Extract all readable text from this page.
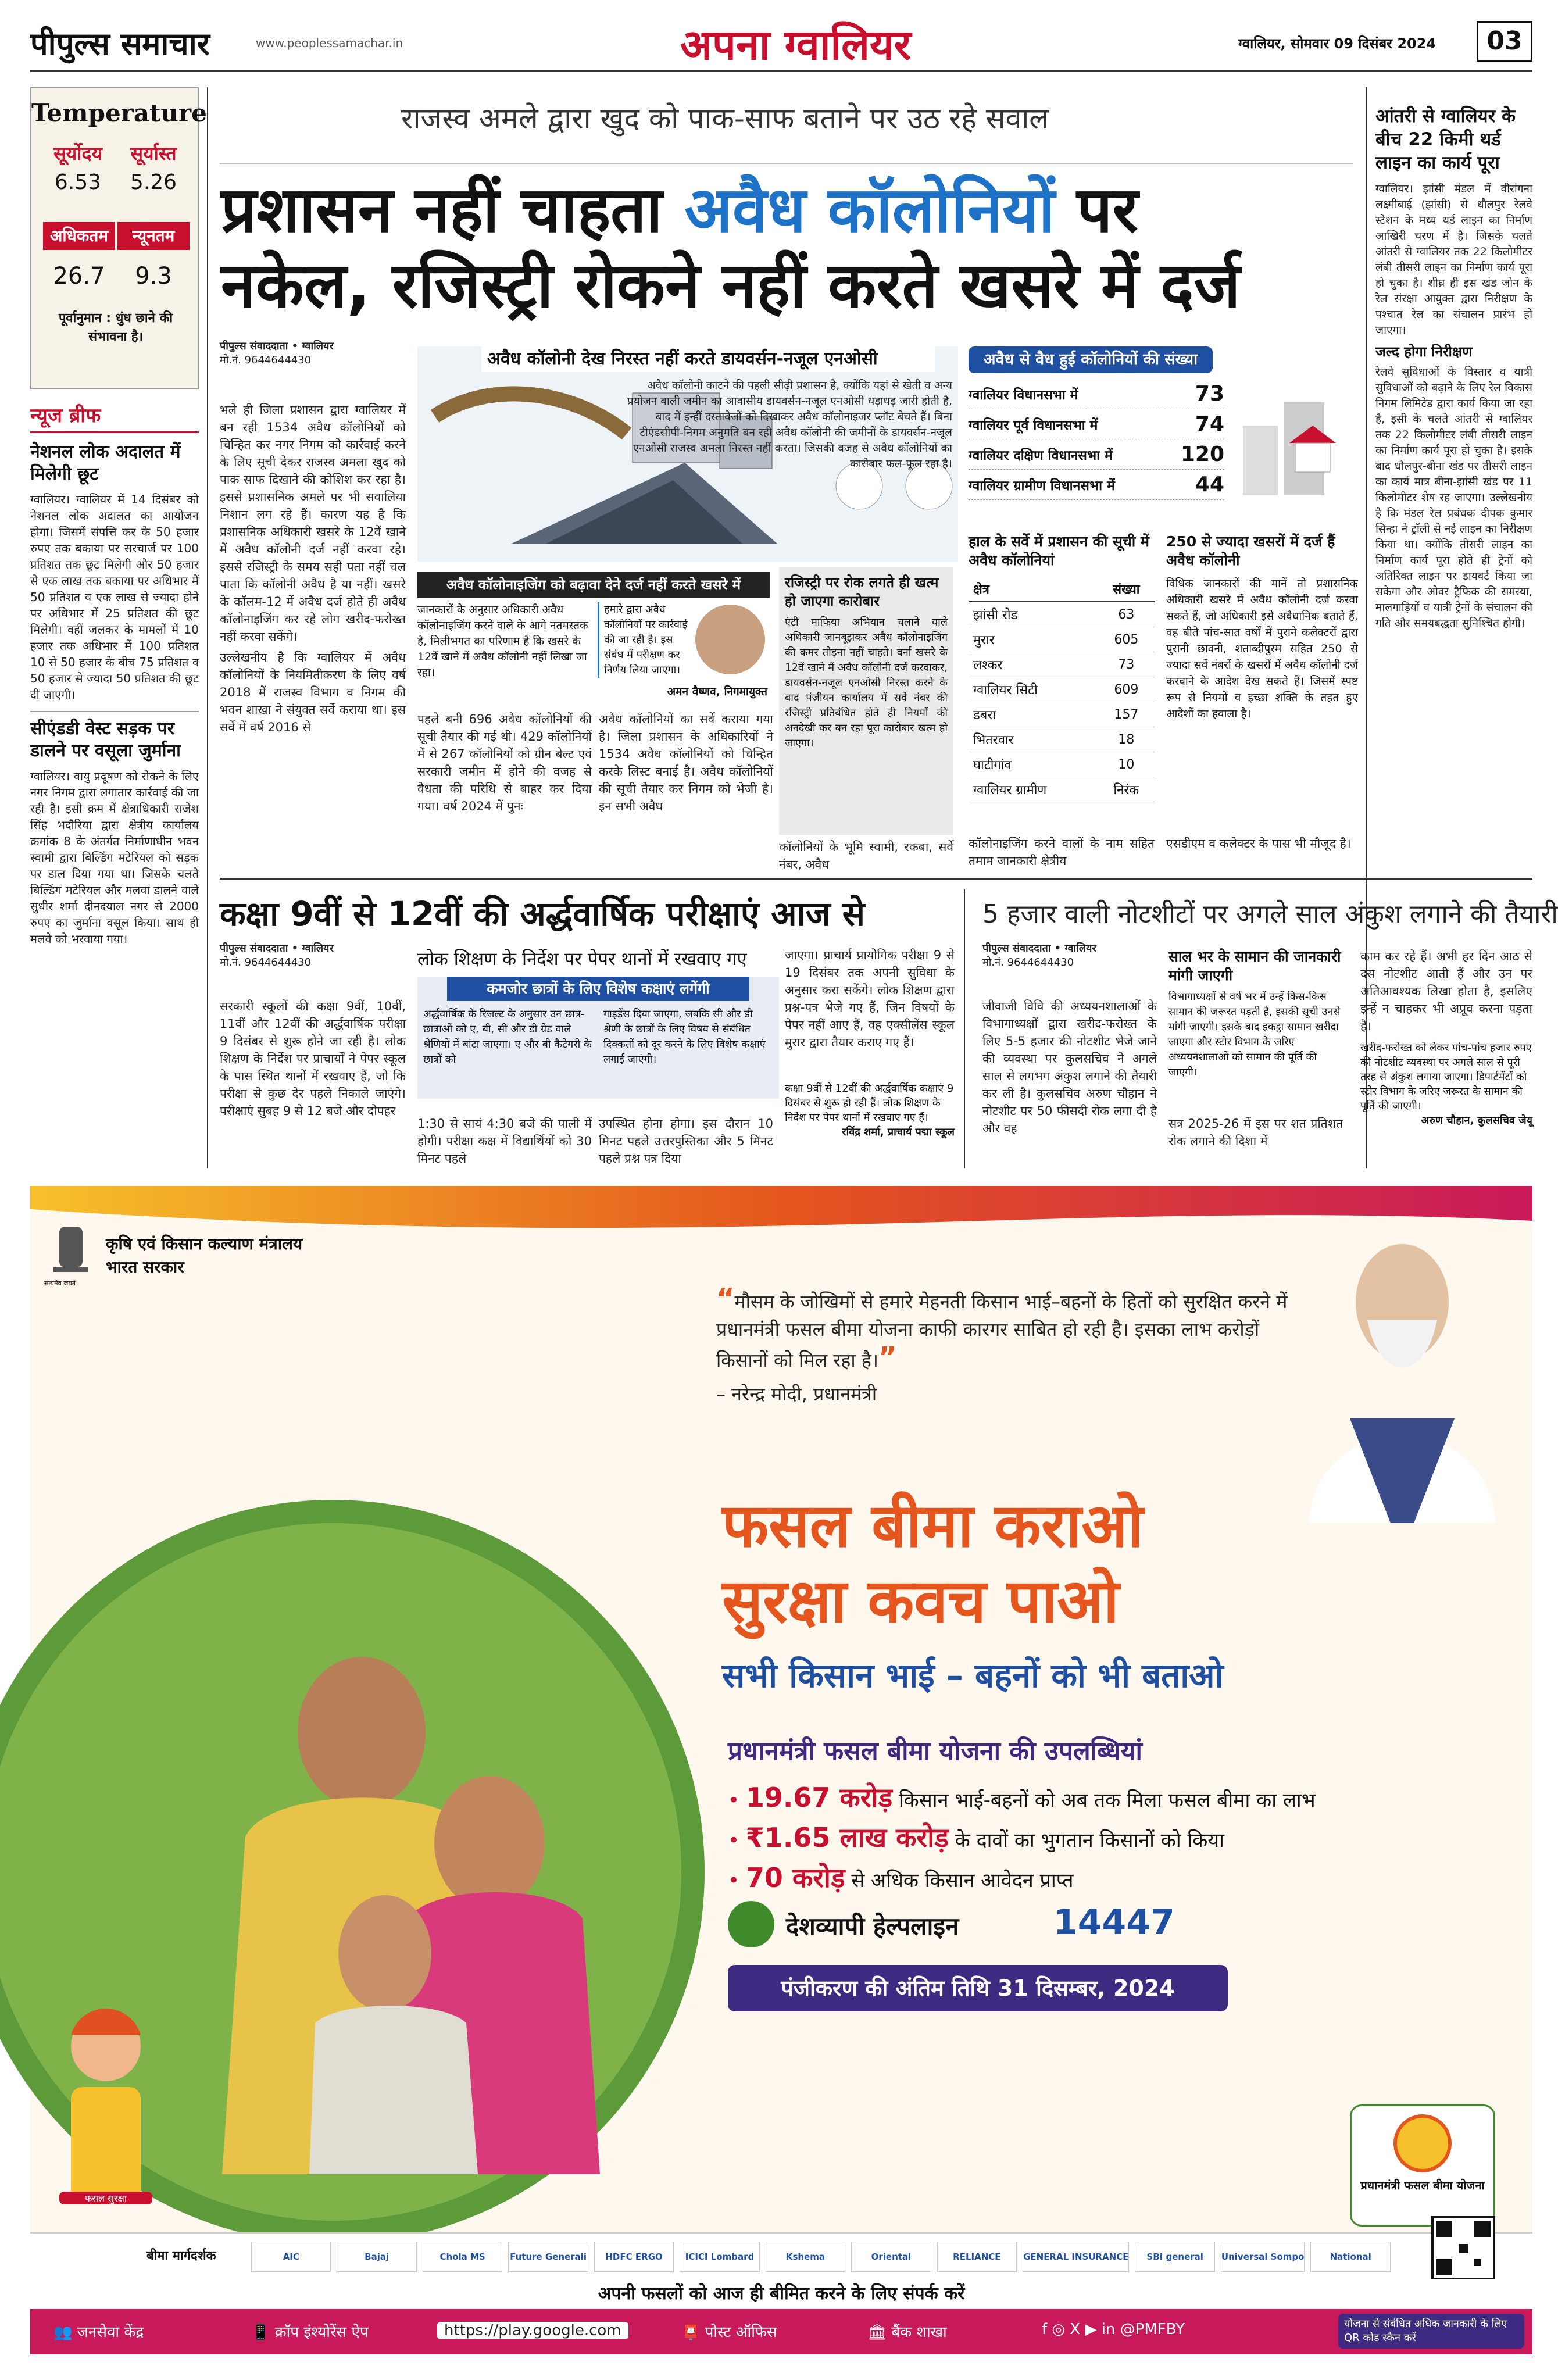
पीपुल्स समाचार	www.peoplessamachar.in	अपना ग्वालियर	ग्वालियर, सोमवार 09 दिसंबर 2024	03
Temperature
सूर्योदय
6.53
सूर्यास्त
5.26
अधिकतम	न्यूनतम
26.7	9.3
पूर्वानुमान : धुंध छाने की संभावना है।
न्यूज ब्रीफ
नेशनल लोक अदालत में मिलेगी छूट
ग्वालियर। ग्वालियर में 14 दिसंबर को नेशनल लोक अदालत का आयोजन होगा। जिसमें संपत्ति कर के 50 हजार रुपए तक बकाया पर सरचार्ज पर 100 प्रतिशत तक छूट मिलेगी और 50 हजार से एक लाख तक बकाया पर अधिभार में 50 प्रतिशत व एक लाख से ज्यादा होने पर अधिभार में 25 प्रतिशत की छूट मिलेगी। वहीं जलकर के मामलों में 10 हजार तक अधिभार में 100 प्रतिशत 10 से 50 हजार के बीच 75 प्रतिशत व 50 हजार से ज्यादा 50 प्रतिशत की छूट दी जाएगी।
सीएंडडी वेस्ट सड़क पर डालने पर वसूला जुर्माना
ग्वालियर। वायु प्रदूषण को रोकने के लिए नगर निगम द्वारा लगातार कार्रवाई की जा रही है। इसी क्रम में क्षेत्राधिकारी राजेश सिंह भदौरिया द्वारा क्षेत्रीय कार्यालय क्रमांक 8 के अंतर्गत निर्माणाधीन भवन स्वामी द्वारा बिल्डिंग मटेरियल को सड़क पर डाल दिया गया था। जिसके चलते बिल्डिंग मटेरियल और मलवा डालने वाले सुधीर शर्मा दीनदयाल नगर से 2000 रुपए का जुर्माना वसूल किया। साथ ही मलवे को भरवाया गया।
राजस्व अमले द्वारा खुद को पाक-साफ बताने पर उठ रहे सवाल
प्रशासन नहीं चाहता अवैध कॉलोनियों पर
नकेल, रजिस्ट्री रोकने नहीं करते खसरे में दर्ज
पीपुल्स संवाददाता • ग्वालियर
मो.नं. 9644644430

भले ही जिला प्रशासन द्वारा ग्वालियर में बन रही 1534 अवैध कॉलोनियों को चिन्हित कर नगर निगम को कार्रवाई करने के लिए सूची देकर राजस्व अमला खुद को पाक साफ दिखाने की कोशिश कर रहा है। इससे प्रशासनिक अमले पर भी सवालिया निशान लग रहे हैं। कारण यह है कि प्रशासनिक अधिकारी खसरे के 12वें खाने में अवैध कॉलोनी दर्ज नहीं करवा रहे। इससे रजिस्ट्री के समय सही पता नहीं चल पाता कि कॉलोनी अवैध है या नहीं। खसरे के कॉलम-12 में अवैध दर्ज होते ही अवैध कॉलोनाइजिंग कर रहे लोग खरीद-फरोख्त नहीं करवा सकेंगे।

उल्लेखनीय है कि ग्वालियर में अवैध कॉलोनियों के नियमितीकरण के लिए वर्ष 2018 में राजस्व विभाग व निगम की भवन शाखा ने संयुक्त सर्वे कराया था। इस सर्वे में वर्ष 2016 से

अवैध कॉलोनी देख निरस्त नहीं करते डायवर्सन-नजूल एनओसी
अवैध कॉलोनी काटने की पहली सीढ़ी प्रशासन है, क्योंकि यहां से खेती व अन्य प्रयोजन वाली जमीन का आवासीय डायवर्सन-नजूल एनओसी धड़ाधड़ जारी होती है, बाद में इन्हीं दस्तावेजों को दिखाकर अवैध कॉलोनाइजर प्लॉट बेचते हैं। बिना टीएंडसीपी-निगम अनुमति बन रही अवैध कॉलोनी की जमीनों के डायवर्सन-नजूल एनओसी राजस्व अमला निरस्त नहीं करता। जिसकी वजह से अवैध कॉलोनियों का कारोबार फल-फूल रहा है।
अवैध से वैध हुई कॉलोनियों की संख्या
ग्वालियर विधानसभा में	73
ग्वालियर पूर्व विधानसभा में	74
ग्वालियर दक्षिण विधानसभा में	120
ग्वालियर ग्रामीण विधानसभा में	44
अवैध कॉलोनाइजिंग को बढ़ावा देने दर्ज नहीं करते खसरे में
जानकारों के अनुसार अधिकारी अवैध कॉलोनाइजिंग करने वाले के आगे नतमस्तक है, मिलीभगत का परिणाम है कि खसरे के 12वें खाने में अवैध कॉलोनी नहीं लिखा जा रहा।
हमारे द्वारा अवैध कॉलोनियों पर कार्रवाई की जा रही है। इस संबंध में परीक्षण कर निर्णय लिया जाएगा।
अमन वैष्णव, निगमायुक्त
पहले बनी 696 अवैध कॉलोनियों की सूची तैयार की गई थी। 429 कॉलोनियों में से 267 कॉलोनियों को ग्रीन बेल्ट एवं सरकारी जमीन में होने की वजह से वैधता की परिधि से बाहर कर दिया गया। वर्ष 2024 में पुनः
अवैध कॉलोनियों का सर्वे कराया गया है। जिला प्रशासन के अधिकारियों ने 1534 अवैध कॉलोनियों को चिन्हित करके लिस्ट बनाई है। अवैध कॉलोनियों की सूची तैयार कर निगम को भेजी है। इन सभी अवैध
रजिस्ट्री पर रोक लगते ही खत्म हो जाएगा कारोबार
एंटी माफिया अभियान चलाने वाले अधिकारी जानबूझकर अवैध कॉलोनाइजिंग की कमर तोड़ना नहीं चाहते। वर्ना खसरे के 12वें खाने में अवैध कॉलोनी दर्ज करवाकर, डायवर्सन-नजूल एनओसी निरस्त करने के बाद पंजीयन कार्यालय में सर्वे नंबर की रजिस्ट्री प्रतिबंधित होते ही नियमों की अनदेखी कर बन रहा पूरा कारोबार खत्म हो जाएगा।
कॉलोनियों के भूमि स्वामी, रकबा, सर्वे नंबर, अवैध
हाल के सर्वे में प्रशासन की सूची में अवैध कॉलोनियां
क्षेत्र	संख्या
झांसी रोड	63
मुरार	605
लश्कर	73
ग्वालियर सिटी	609
डबरा	157
भितरवार	18
घाटीगांव	10
ग्वालियर ग्रामीण	निरंक
कॉलोनाइजिंग करने वालों के नाम सहित तमाम जानकारी क्षेत्रीय
250 से ज्यादा खसरों में दर्ज हैं अवैध कॉलोनी
विधिक जानकारों की मानें तो प्रशासनिक अधिकारी खसरे में अवैध कॉलोनी दर्ज करवा सकते हैं, जो अधिकारी इसे अवैधानिक बताते हैं, वह बीते पांच-सात वर्षों में पुराने कलेक्टरों द्वारा पुरानी छावनी, शताब्दीपुरम सहित 250 से ज्यादा सर्वे नंबरों के खसरों में अवैध कॉलोनी दर्ज करवाने के आदेश देख सकते हैं। जिसमें स्पष्ट रूप से नियमों व इच्छा शक्ति के तहत हुए आदेशों का हवाला है।
एसडीएम व कलेक्टर के पास भी मौजूद है।
आंतरी से ग्वालियर के बीच 22 किमी थर्ड लाइन का कार्य पूरा
ग्वालियर। झांसी मंडल में वीरांगना लक्ष्मीबाई (झांसी) से धौलपुर रेलवे स्टेशन के मध्य थर्ड लाइन का निर्माण आखिरी चरण में है। जिसके चलते आंतरी से ग्वालियर तक 22 किलोमीटर लंबी तीसरी लाइन का निर्माण कार्य पूरा हो चुका है। शीघ्र ही इस खंड जोन के रेल संरक्षा आयुक्त द्वारा निरीक्षण के पश्चात रेल का संचालन प्रारंभ हो जाएगा।
जल्द होगा निरीक्षण
रेलवे सुविधाओं के विस्तार व यात्री सुविधाओं को बढ़ाने के लिए रेल विकास निगम लिमिटेड द्वारा कार्य किया जा रहा है, इसी के चलते आंतरी से ग्वालियर तक 22 किलोमीटर लंबी तीसरी लाइन का निर्माण कार्य पूरा हो चुका है। इसके बाद धौलपुर-बीना खंड पर तीसरी लाइन का कार्य मात्र बीना-झांसी खंड पर 11 किलोमीटर शेष रह जाएगा। उल्लेखनीय है कि मंडल रेल प्रबंधक दीपक कुमार सिन्हा ने ट्रॉली से नई लाइन का निरीक्षण किया था। क्योंकि तीसरी लाइन का निर्माण कार्य पूरा होते ही ट्रेनों को अतिरिक्त लाइन पर डायवर्ट किया जा सकेगा और ओवर ट्रैफिक की समस्या, मालगाड़ियों व यात्री ट्रेनों के संचालन की गति और समयबद्धता सुनिश्चित होगी।
कक्षा 9वीं से 12वीं की अर्द्धवार्षिक परीक्षाएं आज से	5 हजार वाली नोटशीटों पर अगले साल अंकुश लगाने की तैयारी
पीपुल्स संवाददाता • ग्वालियर
मो.नं. 9644644430	लोक शिक्षण के निर्देश पर पेपर थानों में रखवाए गए
सरकारी स्कूलों की कक्षा 9वीं, 10वीं, 11वीं और 12वीं की अर्द्धवार्षिक परीक्षा 9 दिसंबर से शुरू होने जा रही है। लोक शिक्षण के निर्देश पर प्राचार्यों ने पेपर स्कूल के पास स्थित थानों में रखवाए हैं, जो कि परीक्षा से कुछ देर पहले निकाले जाएंगे। परीक्षाएं सुबह 9 से 12 बजे और दोपहर
कमजोर छात्रों के लिए विशेष कक्षाएं लगेंगी
अर्द्धवार्षिक के रिजल्ट के अनुसार उन छात्र-छात्राओं को ए, बी, सी और डी ग्रेड वाले श्रेणियों में बांटा जाएगा। ए और बी कैटेगरी के छात्रों को
गाइडेंस दिया जाएगा, जबकि सी और डी श्रेणी के छात्रों के लिए विषय से संबंधित दिक्कतों को दूर करने के लिए विशेष कक्षाएं लगाई जाएंगी।
1:30 से सायं 4:30 बजे की पाली में होगी। परीक्षा कक्ष में विद्यार्थियों को 30 मिनट पहले
उपस्थित होना होगा। इस दौरान 10 मिनट पहले उत्तरपुस्तिका और 5 मिनट पहले प्रश्न पत्र दिया
जाएगा। प्राचार्य प्रायोगिक परीक्षा 9 से 19 दिसंबर तक अपनी सुविधा के अनुसार करा सकेंगे। लोक शिक्षण द्वारा प्रश्न-पत्र भेजे गए हैं, जिन विषयों के पेपर नहीं आए हैं, वह एक्सीलेंस स्कूल मुरार द्वारा तैयार कराए गए हैं।
कक्षा 9वीं से 12वीं की अर्द्धवार्षिक कक्षाएं 9 दिसंबर से शुरू हो रही हैं। लोक शिक्षण के निर्देश पर पेपर थानों में रखवाए गए हैं।
रविंद्र शर्मा, प्राचार्य पद्मा स्कूल
पीपुल्स संवाददाता • ग्वालियर
मो.नं. 9644644430
जीवाजी विवि की अध्ययनशालाओं के विभागाध्यक्षों द्वारा खरीद-फरोख्त के लिए 5-5 हजार की नोटशीट भेजे जाने की व्यवस्था पर कुलसचिव ने अगले साल से लगभग अंकुश लगाने की तैयारी कर ली है। कुलसचिव अरुण चौहान ने नोटशीट पर 50 फीसदी रोक लगा दी है और वह
साल भर के सामान की जानकारी मांगी जाएगी
विभागाध्यक्षों से वर्ष भर में उन्हें किस-किस सामान की जरूरत पड़ती है, इसकी सूची उनसे मांगी जाएगी। इसके बाद इकट्ठा सामान खरीदा जाएगा और स्टोर विभाग के जरिए अध्ययनशालाओं को सामान की पूर्ति की जाएगी।
सत्र 2025-26 में इस पर शत प्रतिशत रोक लगाने की दिशा में
काम कर रहे हैं। अभी हर दिन आठ से दस नोटशीट आती हैं और उन पर अतिआवश्यक लिखा होता है, इसलिए इन्हें न चाहकर भी अप्रूव करना पड़ता है।
खरीद-फरोख्त को लेकर पांच-पांच हजार रुपए की नोटशीट व्यवस्था पर अगले साल से पूरी तरह से अंकुश लगाया जाएगा। डिपार्टमेंटों को स्टोर विभाग के जरिए जरूरत के सामान की पूर्ति की जाएगी।
अरुण चौहान, कुलसचिव जेयू
सत्यमेव जयते
कृषि एवं किसान कल्याण मंत्रालय
भारत सरकार
“मौसम के जोखिमों से हमारे मेहनती किसान भाई–बहनों के हितों को सुरक्षित करने में प्रधानमंत्री फसल बीमा योजना काफी कारगर साबित हो रही है। इसका लाभ करोड़ों किसानों को मिल रहा है।”
– नरेन्द्र मोदी, प्रधानमंत्री
फसल बीमा कराओ
सुरक्षा कवच पाओ
सभी किसान भाई – बहनों को भी बताओ
प्रधानमंत्री फसल बीमा योजना की उपलब्धियां
• 19.67 करोड़ किसान भाई-बहनों को अब तक मिला फसल बीमा का लाभ
• ₹1.65 लाख करोड़ के दावों का भुगतान किसानों को किया
• 70 करोड़ से अधिक किसान आवेदन प्राप्त
देशव्यापी हेल्पलाइन	14447
पंजीकरण की अंतिम तिथि 31 दिसम्बर, 2024
फसल सुरक्षा
प्रधानमंत्री फसल बीमा योजना
बीमा मार्गदर्शक	AIC	Bajaj	Chola MS	Future Generali	HDFC ERGO	ICICI Lombard	Kshema	Oriental	RELIANCE	GENERAL INSURANCE	SBI general	Universal Sompo	National
अपनी फसलों को आज ही बीमित करने के लिए संपर्क करें
👥 जनसेवा केंद्र	📱 क्रॉप इंश्योरेंस ऐप	https://play.google.com	📮 पोस्ट ऑफिस	🏛 बैंक शाखा	f ◎ X ▶ in @PMFBY	योजना से संबंधित अधिक जानकारी के लिए QR कोड स्कैन करें
